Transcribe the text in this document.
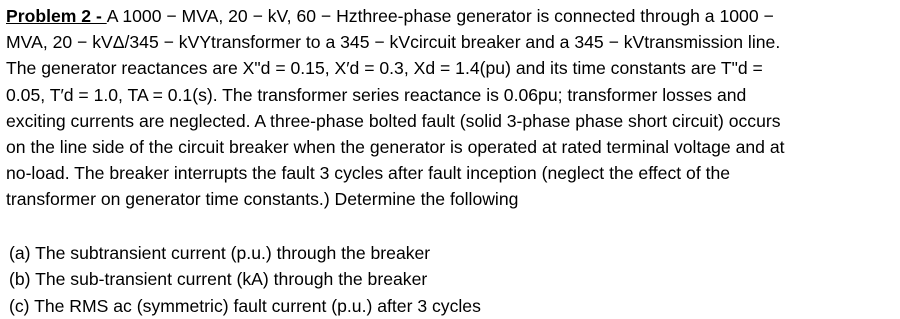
Problem 2 - A 1000 − MVA, 20 − kV, 60 − Hzthree-phase generator is connected through a 1000 −
MVA, 20 − kVΔ/345 − kVYtransformer to a 345 − kVcircuit breaker and a 345 − kVtransmission line.
The generator reactances are X"d = 0.15, X′d = 0.3, Xd = 1.4(pu) and its time constants are T"d =
0.05, T′d = 1.0, TA = 0.1(s). The transformer series reactance is 0.06pu; transformer losses and
exciting currents are neglected. A three-phase bolted fault (solid 3-phase phase short circuit) occurs
on the line side of the circuit breaker when the generator is operated at rated terminal voltage and at
no-load. The breaker interrupts the fault 3 cycles after fault inception (neglect the effect of the
transformer on generator time constants.) Determine the following

(a) The subtransient current (p.u.) through the breaker
(b) The sub-transient current (kA) through the breaker
(c) The RMS ac (symmetric) fault current (p.u.) after 3 cycles
